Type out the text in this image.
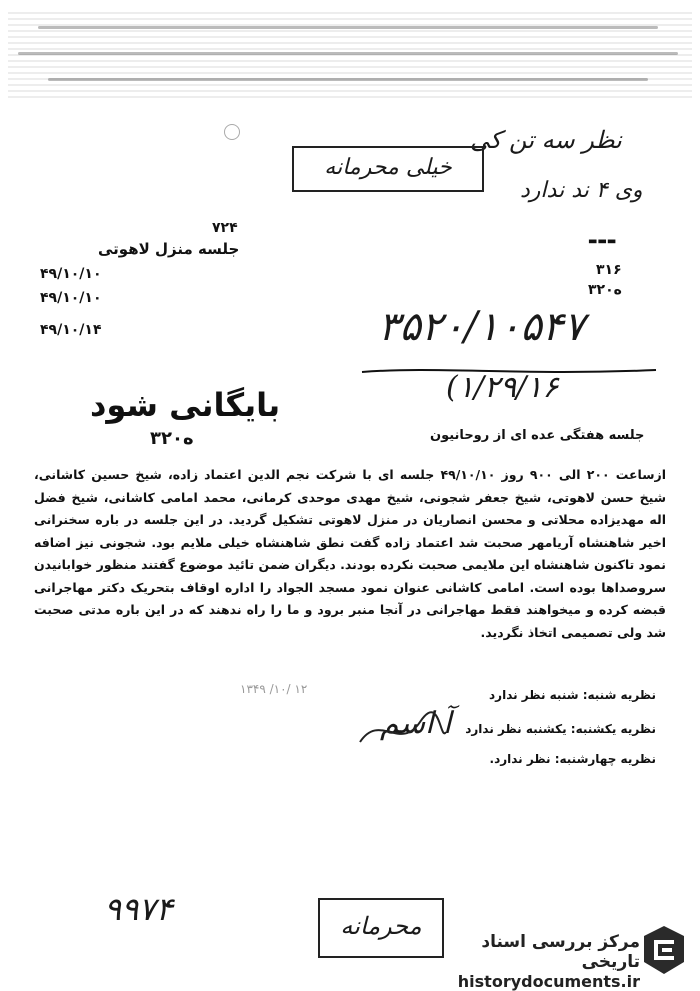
نظر سه تن کی
وی ۴ ند ندارد
خیلی محرمانه
۷۲۴
جلسه منزل لاهوتی
۴۹/۱۰/۱۰
۴۹/۱۰/۱۰
۴۹/۱۰/۱۴
▬▬▬
۳۱۶
۳ه۲۰
۳۵۲۰/۱۰۵۴۷
(۱/۲۹/۱۶
بایگانی شود
۳ه۲۰	جلسه هفتگی عده ای از روحانیون
ازساعت ۲۰۰ الی ۹۰۰ روز ۴۹/۱۰/۱۰ جلسه ای با شرکت نجم الدین اعتماد زاده، شیخ حسین کاشانی، شیخ حسن لاهوتی، شیخ جعفر شجونی، شیخ مهدی موحدی کرمانی، محمد امامی کاشانی، شیخ فضل اله مهدیزاده محلاتی و محسن انصاریان در منزل لاهوتی تشکیل گردید. در این جلسه در باره سخنرانی اخیر شاهنشاه آریامهر صحبت شد اعتماد زاده گفت نطق شاهنشاه خیلی ملایم بود. شجونی نیز اضافه نمود تاکنون شاهنشاه این ملایمی صحبت نکرده بودند. دیگران ضمن تائید موضوع گفتند منظور خوابانیدن سروصداها بوده است. امامی کاشانی عنوان نمود مسجد الجواد را اداره اوقاف بتحریک دکتر مهاجرانی قبضه کرده و میخواهند فقط مهاجرانی در آنجا منبر برود و ما را راه ندهند که در این باره مدتی صحبت شد ولی تصمیمی اتخاذ نگردید.
۱۳۴۹ /۱۰/ ۱۲
آ اسم
نظریه شنبه: شنبه نظر ندارد
نظریه یکشنبه: یکشنبه نظر ندارد
نظریه چهارشنبه: نظر ندارد.
۹۹۷۴	محرمانه
مرکز بررسی اسناد تاریخی
historydocuments.ir
